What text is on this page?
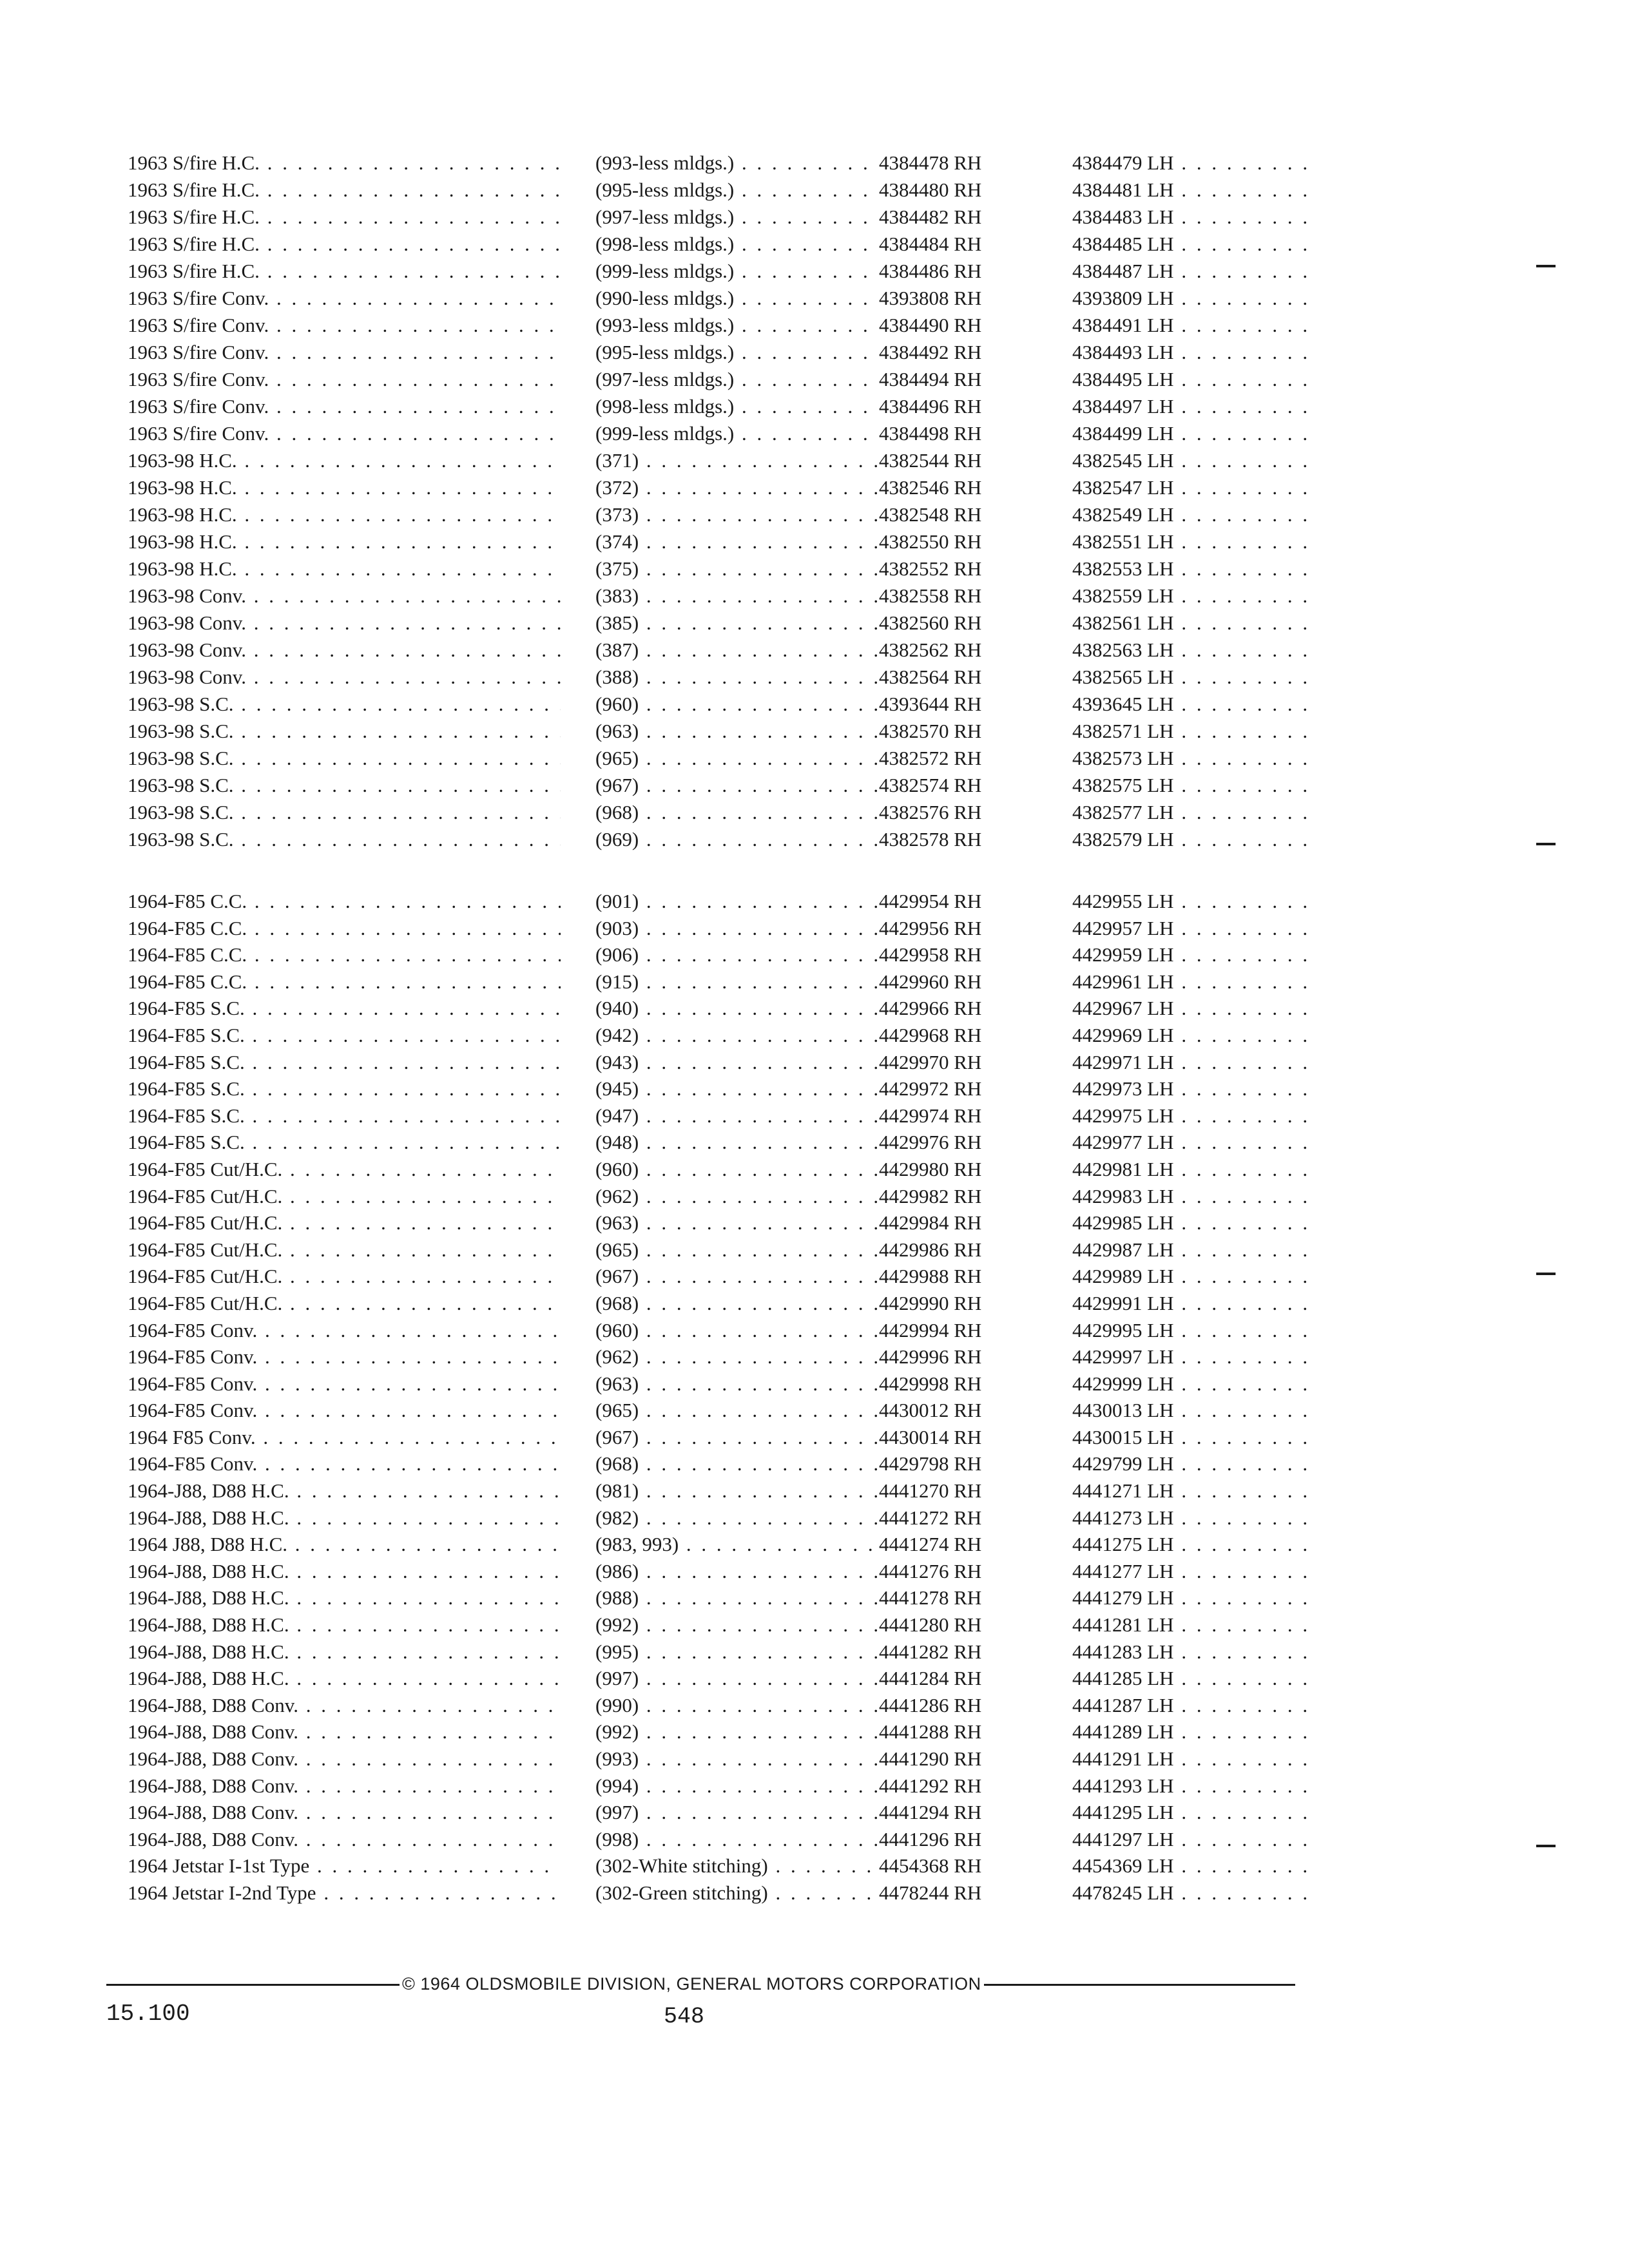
1963 S/fire H.C. . . .	(993-less mldgs.) . . .	4384478 RH	4384479 LH . . .
1963 S/fire H.C. . . .	(995-less mldgs.) . . .	4384480 RH	4384481 LH . . .
1963 S/fire H.C. . . .	(997-less mldgs.) . . .	4384482 RH	4384483 LH . . .
1963 S/fire H.C. . . .	(998-less mldgs.) . . .	4384484 RH	4384485 LH . . .
1963 S/fire H.C. . . .	(999-less mldgs.) . . .	4384486 RH	4384487 LH . . .
1963 S/fire Conv. . . .	(990-less mldgs.) . . .	4393808 RH	4393809 LH . . .
1963 S/fire Conv. . . .	(993-less mldgs.) . . .	4384490 RH	4384491 LH . . .
1963 S/fire Conv. . . .	(995-less mldgs.) . . .	4384492 RH	4384493 LH . . .
1963 S/fire Conv. . . .	(997-less mldgs.) . . .	4384494 RH	4384495 LH . . .
1963 S/fire Conv. . . .	(998-less mldgs.) . . .	4384496 RH	4384497 LH . . .
1963 S/fire Conv. . . .	(999-less mldgs.) . . .	4384498 RH	4384499 LH . . .
1963-98 H.C. . . .	(371) . . .	4382544 RH	4382545 LH . . .
1963-98 H.C. . . .	(372) . . .	4382546 RH	4382547 LH . . .
1963-98 H.C. . . .	(373) . . .	4382548 RH	4382549 LH . . .
1963-98 H.C. . . .	(374) . . .	4382550 RH	4382551 LH . . .
1963-98 H.C. . . .	(375) . . .	4382552 RH	4382553 LH . . .
1963-98 Conv. . . .	(383) . . .	4382558 RH	4382559 LH . . .
1963-98 Conv. . . .	(385) . . .	4382560 RH	4382561 LH . . .
1963-98 Conv. . . .	(387) . . .	4382562 RH	4382563 LH . . .
1963-98 Conv. . . .	(388) . . .	4382564 RH	4382565 LH . . .
1963-98 S.C. . . .	(960) . . .	4393644 RH	4393645 LH . . .
1963-98 S.C. . . .	(963) . . .	4382570 RH	4382571 LH . . .
1963-98 S.C. . . .	(965) . . .	4382572 RH	4382573 LH . . .
1963-98 S.C. . . .	(967) . . .	4382574 RH	4382575 LH . . .
1963-98 S.C. . . .	(968) . . .	4382576 RH	4382577 LH . . .
1963-98 S.C. . . .	(969) . . .	4382578 RH	4382579 LH . . .
1964-F85 C.C. . . .	(901) . . .	4429954 RH	4429955 LH . . .
1964-F85 C.C. . . .	(903) . . .	4429956 RH	4429957 LH . . .
1964-F85 C.C. . . .	(906) . . .	4429958 RH	4429959 LH . . .
1964-F85 C.C. . . .	(915) . . .	4429960 RH	4429961 LH . . .
1964-F85 S.C. . . .	(940) . . .	4429966 RH	4429967 LH . . .
1964-F85 S.C. . . .	(942) . . .	4429968 RH	4429969 LH . . .
1964-F85 S.C. . . .	(943) . . .	4429970 RH	4429971 LH . . .
1964-F85 S.C. . . .	(945) . . .	4429972 RH	4429973 LH . . .
1964-F85 S.C. . . .	(947) . . .	4429974 RH	4429975 LH . . .
1964-F85 S.C. . . .	(948) . . .	4429976 RH	4429977 LH . . .
1964-F85 Cut/H.C. . . .	(960) . . .	4429980 RH	4429981 LH . . .
1964-F85 Cut/H.C. . . .	(962) . . .	4429982 RH	4429983 LH . . .
1964-F85 Cut/H.C. . . .	(963) . . .	4429984 RH	4429985 LH . . .
1964-F85 Cut/H.C. . . .	(965) . . .	4429986 RH	4429987 LH . . .
1964-F85 Cut/H.C. . . .	(967) . . .	4429988 RH	4429989 LH . . .
1964-F85 Cut/H.C. . . .	(968) . . .	4429990 RH	4429991 LH . . .
1964-F85 Conv. . . .	(960) . . .	4429994 RH	4429995 LH . . .
1964-F85 Conv. . . .	(962) . . .	4429996 RH	4429997 LH . . .
1964-F85 Conv. . . .	(963) . . .	4429998 RH	4429999 LH . . .
1964-F85 Conv. . . .	(965) . . .	4430012 RH	4430013 LH . . .
1964 F85 Conv. . . .	(967) . . .	4430014 RH	4430015 LH . . .
1964-F85 Conv. . . .	(968) . . .	4429798 RH	4429799 LH . . .
1964-J88, D88 H.C. . . .	(981) . . .	4441270 RH	4441271 LH . . .
1964-J88, D88 H.C. . . .	(982) . . .	4441272 RH	4441273 LH . . .
1964 J88, D88 H.C. . . .	(983, 993) . . .	4441274 RH	4441275 LH . . .
1964-J88, D88 H.C. . . .	(986) . . .	4441276 RH	4441277 LH . . .
1964-J88, D88 H.C. . . .	(988) . . .	4441278 RH	4441279 LH . . .
1964-J88, D88 H.C. . . .	(992) . . .	4441280 RH	4441281 LH . . .
1964-J88, D88 H.C. . . .	(995) . . .	4441282 RH	4441283 LH . . .
1964-J88, D88 H.C. . . .	(997) . . .	4441284 RH	4441285 LH . . .
1964-J88, D88 Conv. . . .	(990) . . .	4441286 RH	4441287 LH . . .
1964-J88, D88 Conv. . . .	(992) . . .	4441288 RH	4441289 LH . . .
1964-J88, D88 Conv. . . .	(993) . . .	4441290 RH	4441291 LH . . .
1964-J88, D88 Conv. . . .	(994) . . .	4441292 RH	4441293 LH . . .
1964-J88, D88 Conv. . . .	(997) . . .	4441294 RH	4441295 LH . . .
1964-J88, D88 Conv. . . .	(998) . . .	4441296 RH	4441297 LH . . .
1964 Jetstar I-1st Type . . .	(302-White stitching) . . .	4454368 RH	4454369 LH . . .
1964 Jetstar I-2nd Type . . .	(302-Green stitching) . . .	4478244 RH	4478245 LH . . .
© 1964 OLDSMOBILE DIVISION, GENERAL MOTORS CORPORATION
15.100	548
